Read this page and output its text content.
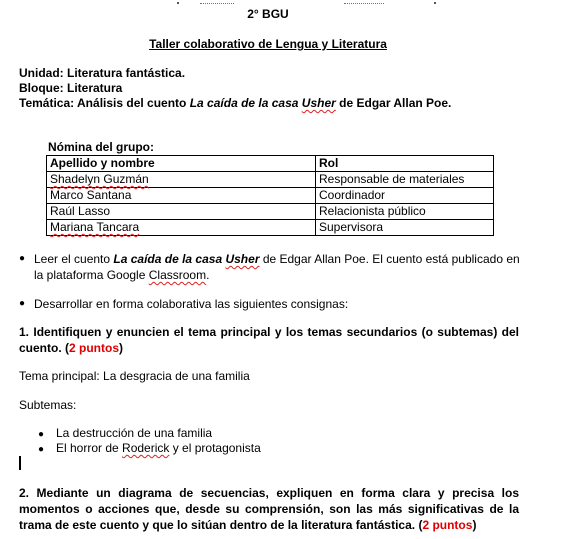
2° BGU
Taller colaborativo de Lengua y Literatura
Unidad: Literatura fantástica.
Bloque: Literatura
Temática: Análisis del cuento La caída de la casa Usher de Edgar Allan Poe.
Nómina del grupo:
Apellido y nombre	Rol
Shadelyn Guzmán	Responsable de materiales
Marco Santana	Coordinador
Raúl Lasso	Relacionista público
Mariana Tancara	Supervisora
● Leer el cuento La caída de la casa Usher de Edgar Allan Poe. El cuento está publicado en la plataforma Google Classroom.
● Desarrollar en forma colaborativa las siguientes consignas:
1. Identifiquen y enuncien el tema principal y los temas secundarios (o subtemas) del cuento. (2 puntos)
Tema principal: La desgracia de una familia
Subtemas:
● La destrucción de una familia
● El horror de Roderick y el protagonista
2. Mediante un diagrama de secuencias, expliquen en forma clara y precisa los momentos o acciones que, desde su comprensión, son las más significativas de la trama de este cuento y que lo sitúan dentro de la literatura fantástica. (2 puntos)
